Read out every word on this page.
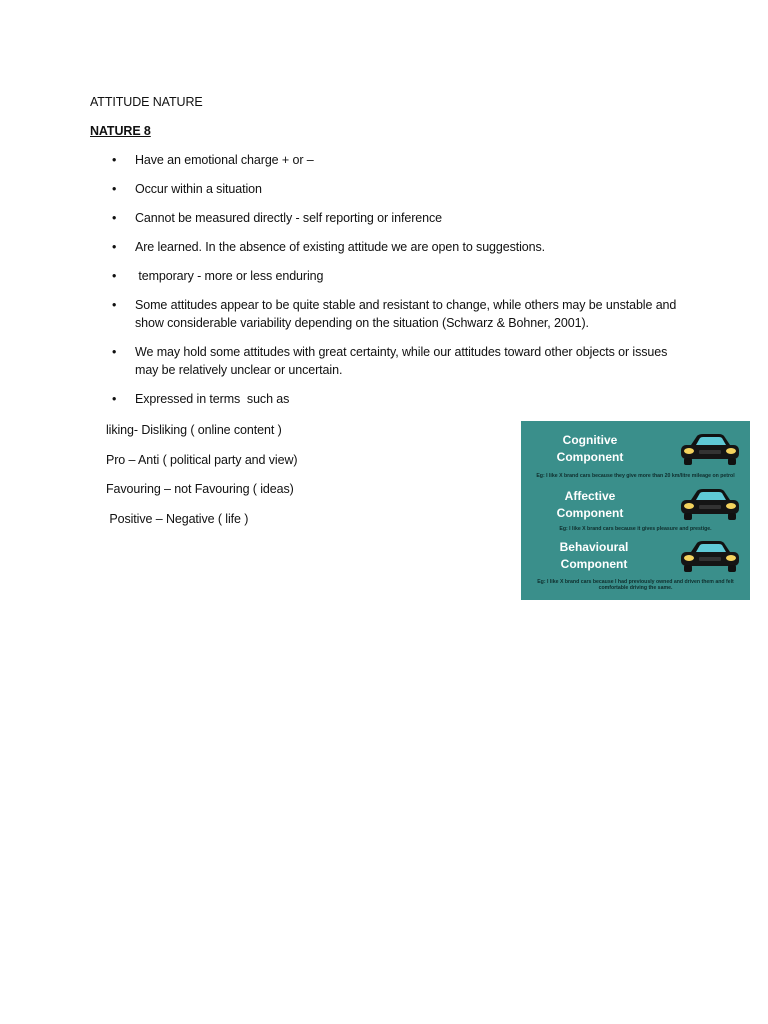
ATTITUDE NATURE
NATURE 8
• Have an emotional charge + or –
• Occur within a situation
• Cannot be measured directly - self reporting or inference
• Are learned. In the absence of existing attitude we are open to suggestions.
• temporary - more or less enduring
• Some attitudes appear to be quite stable and resistant to change, while others may be unstable and show considerable variability depending on the situation (Schwarz & Bohner, 2001).
• We may hold some attitudes with great certainty, while our attitudes toward other objects or issues may be relatively unclear or uncertain.
• Expressed in terms  such as
liking- Disliking ( online content )
Pro – Anti ( political party and view)
Favouring – not Favouring ( ideas)
Positive – Negative ( life )
Cognitive
Component
Eg: I like X brand cars because they give more than 20 km/litre mileage on petrol
Affective
Component
Eg: I like X brand cars because it gives pleasure and prestige.
Behavioural
Component
Eg: I like X brand cars because I had previously owned and driven them and felt comfortable driving the same.
